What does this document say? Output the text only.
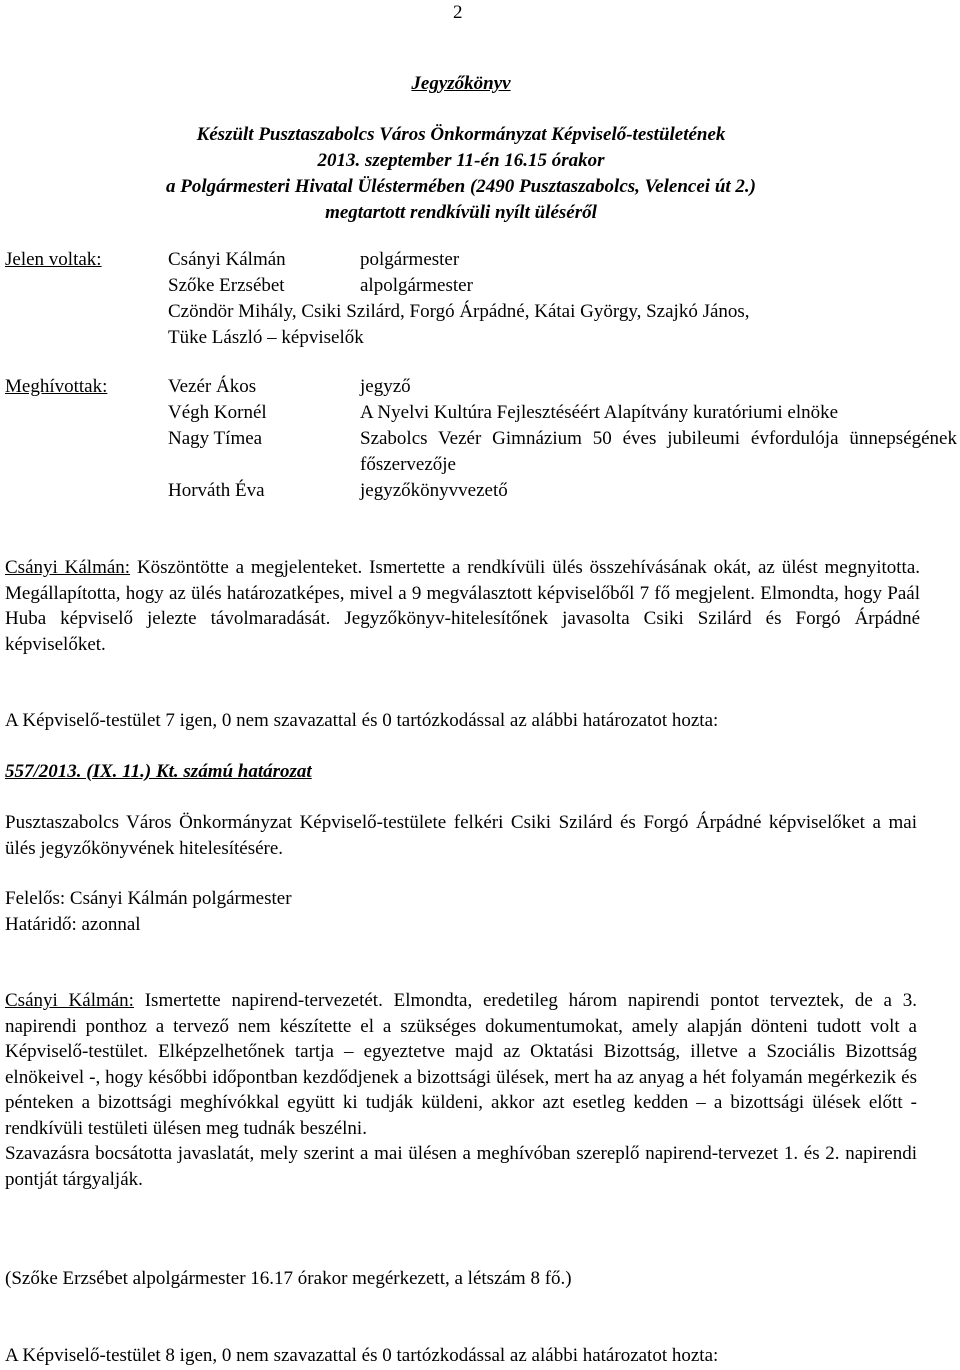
2
Jegyzőkönyv
Készült Pusztaszabolcs Város Önkormányzat Képviselő-testületének
2013. szeptember 11-én 16.15 órakor
a Polgármesteri Hivatal Üléstermében (2490 Pusztaszabolcs, Velencei út 2.)
megtartott rendkívüli nyílt üléséről
Jelen voltak:	Csányi Kálmán	polgármester
Szőke Erzsébet	alpolgármester
Czöndör Mihály, Csiki Szilárd, Forgó Árpádné, Kátai György, Szajkó János,
Tüke László – képviselők
Meghívottak:	Vezér Ákos	jegyző
Végh Kornél	A Nyelvi Kultúra Fejlesztéséért Alapítvány kuratóriumi elnöke
Nagy Tímea	Szabolcs Vezér Gimnázium 50 éves jubileumi évfordulója ünnepségének főszervezője
Horváth Éva	jegyzőkönyvvezető
Csányi Kálmán: Köszöntötte a megjelenteket. Ismertette a rendkívüli ülés összehívásának okát, az ülést megnyitotta. Megállapította, hogy az ülés határozatképes, mivel a 9 megválasztott képviselőből 7 fő megjelent. Elmondta, hogy Paál Huba képviselő jelezte távolmaradását. Jegyzőkönyv-hitelesítőnek javasolta Csiki Szilárd és Forgó Árpádné képviselőket.
A Képviselő-testület 7 igen, 0 nem szavazattal és 0 tartózkodással az alábbi határozatot hozta:
557/2013. (IX. 11.) Kt. számú határozat
Pusztaszabolcs Város Önkormányzat Képviselő-testülete felkéri Csiki Szilárd és Forgó Árpádné képviselőket a mai ülés jegyzőkönyvének hitelesítésére.
Felelős: Csányi Kálmán polgármester
Határidő: azonnal
Csányi Kálmán: Ismertette napirend-tervezetét. Elmondta, eredetileg három napirendi pontot terveztek, de a 3. napirendi ponthoz a tervező nem készítette el a szükséges dokumentumokat, amely alapján dönteni tudott volt a Képviselő-testület. Elképzelhetőnek tartja – egyeztetve majd az Oktatási Bizottság, illetve a Szociális Bizottság elnökeivel -, hogy későbbi időpontban kezdődjenek a bizottsági ülések, mert ha az anyag a hét folyamán megérkezik és pénteken a bizottsági meghívókkal együtt ki tudják küldeni, akkor azt esetleg kedden – a bizottsági ülések előtt - rendkívüli testületi ülésen meg tudnák beszélni.
Szavazásra bocsátotta javaslatát, mely szerint a mai ülésen a meghívóban szereplő napirend-tervezet 1. és 2. napirendi pontját tárgyalják.
(Szőke Erzsébet alpolgármester 16.17 órakor megérkezett, a létszám 8 fő.)
A Képviselő-testület 8 igen, 0 nem szavazattal és 0 tartózkodással az alábbi határozatot hozta:
